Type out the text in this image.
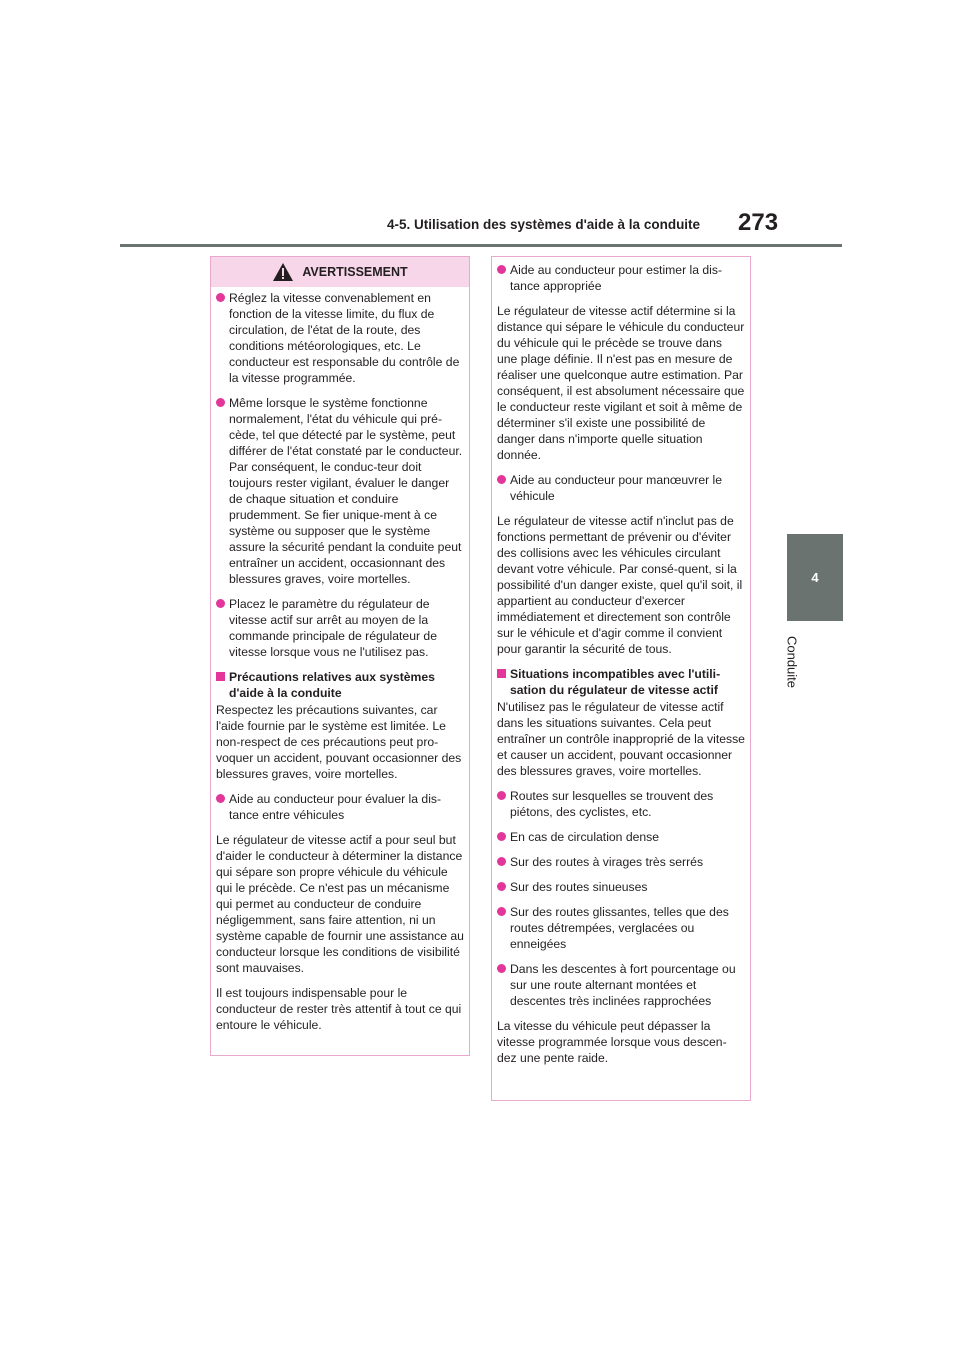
4-5. Utilisation des systèmes d'aide à la conduite 273
4
Conduite
AVERTISSEMENT
Réglez la vitesse convenablement en fonction de la vitesse limite, du flux de circulation, de l'état de la route, des conditions météorologiques, etc. Le conducteur est responsable du contrôle de la vitesse programmée.
Même lorsque le système fonctionne normalement, l'état du véhicule qui pré-cède, tel que détecté par le système, peut différer de l'état constaté par le conducteur. Par conséquent, le conduc-teur doit toujours rester vigilant, évaluer le danger de chaque situation et conduire prudemment. Se fier unique-ment à ce système ou supposer que le système assure la sécurité pendant la conduite peut entraîner un accident, occasionnant des blessures graves, voire mortelles.
Placez le paramètre du régulateur de vitesse actif sur arrêt au moyen de la commande principale de régulateur de vitesse lorsque vous ne l'utilisez pas.
Précautions relatives aux systèmes d'aide à la conduite
Respectez les précautions suivantes, car l'aide fournie par le système est limitée. Le non-respect de ces précautions peut pro-voquer un accident, pouvant occasionner des blessures graves, voire mortelles.
Aide au conducteur pour évaluer la dis-tance entre véhicules
Le régulateur de vitesse actif a pour seul but d'aider le conducteur à déterminer la distance qui sépare son propre véhicule du véhicule qui le précède. Ce n'est pas un mécanisme qui permet au conducteur de conduire négligemment, sans faire attention, ni un système capable de fournir une assistance au conducteur lorsque les conditions de visibilité sont mauvaises.
Il est toujours indispensable pour le conducteur de rester très attentif à tout ce qui entoure le véhicule.
Aide au conducteur pour estimer la dis-tance appropriée
Le régulateur de vitesse actif détermine si la distance qui sépare le véhicule du conducteur du véhicule qui le précède se trouve dans une plage définie. Il n'est pas en mesure de réaliser une quelconque autre estimation. Par conséquent, il est absolument nécessaire que le conducteur reste vigilant et soit à même de déterminer s'il existe une possibilité de danger dans n'importe quelle situation donnée.
Aide au conducteur pour manœuvrer le véhicule
Le régulateur de vitesse actif n'inclut pas de fonctions permettant de prévenir ou d'éviter des collisions avec les véhicules circulant devant votre véhicule. Par consé-quent, si la possibilité d'un danger existe, quel qu'il soit, il appartient au conducteur d'exercer immédiatement et directement son contrôle sur le véhicule et d'agir comme il convient pour garantir la sécurité de tous.
Situations incompatibles avec l'utili-sation du régulateur de vitesse actif
N'utilisez pas le régulateur de vitesse actif dans les situations suivantes. Cela peut entraîner un contrôle inapproprié de la vitesse et causer un accident, pouvant occasionner des blessures graves, voire mortelles.
Routes sur lesquelles se trouvent des piétons, des cyclistes, etc.
En cas de circulation dense
Sur des routes à virages très serrés
Sur des routes sinueuses
Sur des routes glissantes, telles que des routes détrempées, verglacées ou enneigées
Dans les descentes à fort pourcentage ou sur une route alternant montées et descentes très inclinées rapprochées
La vitesse du véhicule peut dépasser la vitesse programmée lorsque vous descen-dez une pente raide.
